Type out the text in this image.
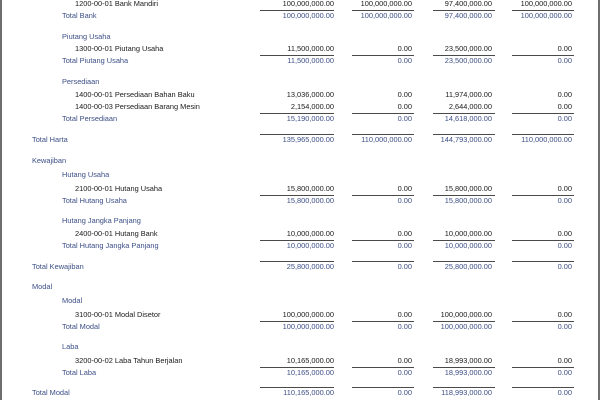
1200-00-01 Bank Mandiri	100,000,000.00	100,000,000.00	97,400,000.00	100,000,000.00
Total Bank	100,000,000.00	100,000,000.00	97,400,000.00	100,000,000.00
Piutang Usaha
1300-00-01 Piutang Usaha	11,500,000.00	0.00	23,500,000.00	0.00
Total Piutang Usaha	11,500,000.00	0.00	23,500,000.00	0.00
Persediaan
1400-00-01 Persediaan Bahan Baku	13,036,000.00	0.00	11,974,000.00	0.00
1400-00-03 Persediaan Barang Mesin	2,154,000.00	0.00	2,644,000.00	0.00
Total Persediaan	15,190,000.00	0.00	14,618,000.00	0.00
Total Harta	135,965,000.00	110,000,000.00	144,793,000.00	110,000,000.00
Kewajiban
Hutang Usaha
2100-00-01 Hutang Usaha	15,800,000.00	0.00	15,800,000.00	0.00
Total Hutang Usaha	15,800,000.00	0.00	15,800,000.00	0.00
Hutang Jangka Panjang
2400-00-01 Hutang Bank	10,000,000.00	0.00	10,000,000.00	0.00
Total Hutang Jangka Panjang	10,000,000.00	0.00	10,000,000.00	0.00
Total Kewajiban	25,800,000.00	0.00	25,800,000.00	0.00
Modal
Modal
3100-00-01 Modal Disetor	100,000,000.00	0.00	100,000,000.00	0.00
Total Modal	100,000,000.00	0.00	100,000,000.00	0.00
Laba
3200-00-02 Laba Tahun Berjalan	10,165,000.00	0.00	18,993,000.00	0.00
Total Laba	10,165,000.00	0.00	18,993,000.00	0.00
Total Modal	110,165,000.00	0.00	118,993,000.00	0.00
